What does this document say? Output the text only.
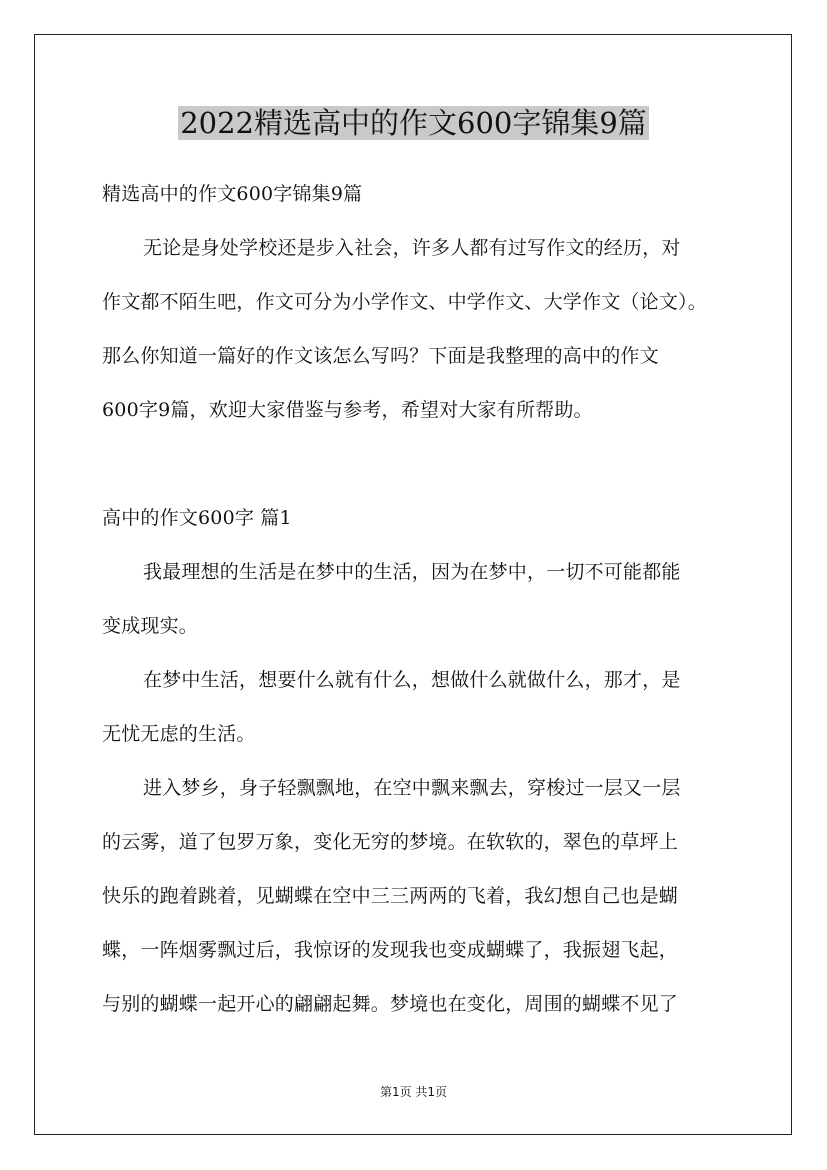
2022精选高中的作文600字锦集9篇
精选高中的作文600字锦集9篇
无论是身处学校还是步入社会，许多人都有过写作文的经历，对
作文都不陌生吧，作文可分为小学作文、中学作文、大学作文（论文）。
那么你知道一篇好的作文该怎么写吗？下面是我整理的高中的作文
600字9篇，欢迎大家借鉴与参考，希望对大家有所帮助。
高中的作文600字 篇1
我最理想的生活是在梦中的生活，因为在梦中，一切不可能都能
变成现实。
在梦中生活，想要什么就有什么，想做什么就做什么，那才，是
无忧无虑的生活。
进入梦乡，身子轻飘飘地，在空中飘来飘去，穿梭过一层又一层
的云雾，道了包罗万象，变化无穷的梦境。在软软的，翠色的草坪上
快乐的跑着跳着，见蝴蝶在空中三三两两的飞着，我幻想自己也是蝴
蝶，一阵烟雾飘过后，我惊讶的发现我也变成蝴蝶了，我振翅飞起，
与别的蝴蝶一起开心的翩翩起舞。梦境也在变化，周围的蝴蝶不见了
第1页 共1页
